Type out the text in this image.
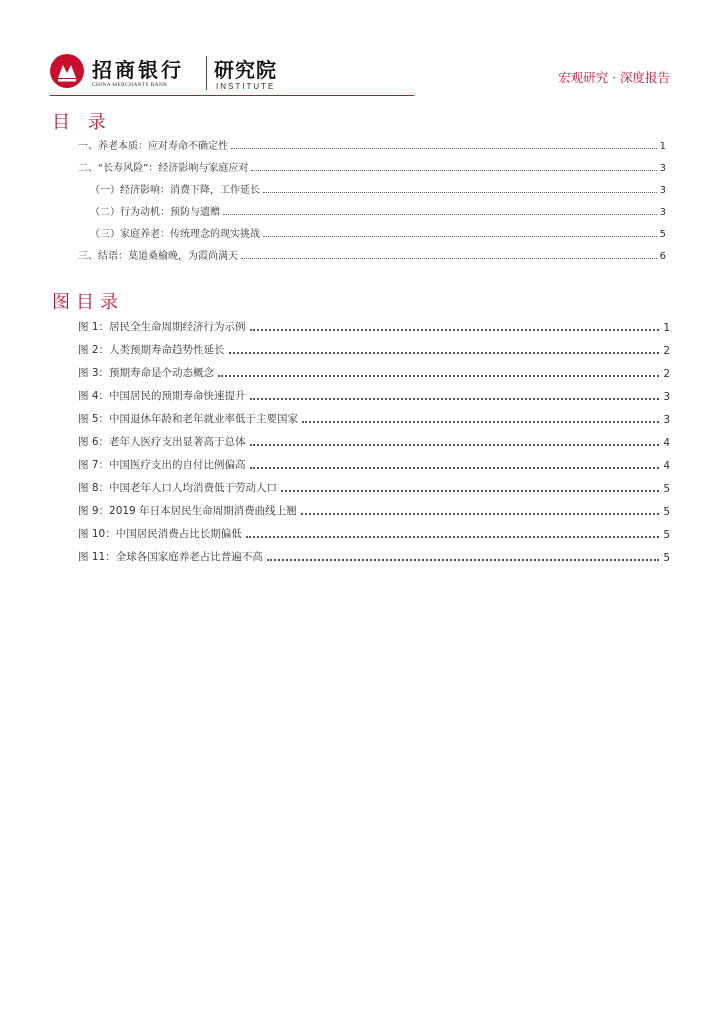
招商银行
CHINA MERCHANTS BANK
研究院
INSTITUTE
宏观研究 · 深度报告
目 录
一、养老本质：应对寿命不确定性	1
二、“长寿风险”：经济影响与家庭应对	3
（一）经济影响：消费下降，工作延长	3
（二）行为动机：预防与遗赠	3
（三）家庭养老：传统理念的现实挑战	5
三、结语：莫道桑榆晚，为霞尚满天	6
图目录
图 1：居民全生命周期经济行为示例	1
图 2：人类预期寿命趋势性延长	2
图 3：预期寿命是个动态概念	2
图 4：中国居民的预期寿命快速提升	3
图 5：中国退休年龄和老年就业率低于主要国家	3
图 6：老年人医疗支出显著高于总体	4
图 7：中国医疗支出的自付比例偏高	4
图 8：中国老年人口人均消费低于劳动人口	5
图 9：2019 年日本居民生命周期消费曲线上翘	5
图 10：中国居民消费占比长期偏低	5
图 11：全球各国家庭养老占比普遍不高	5
